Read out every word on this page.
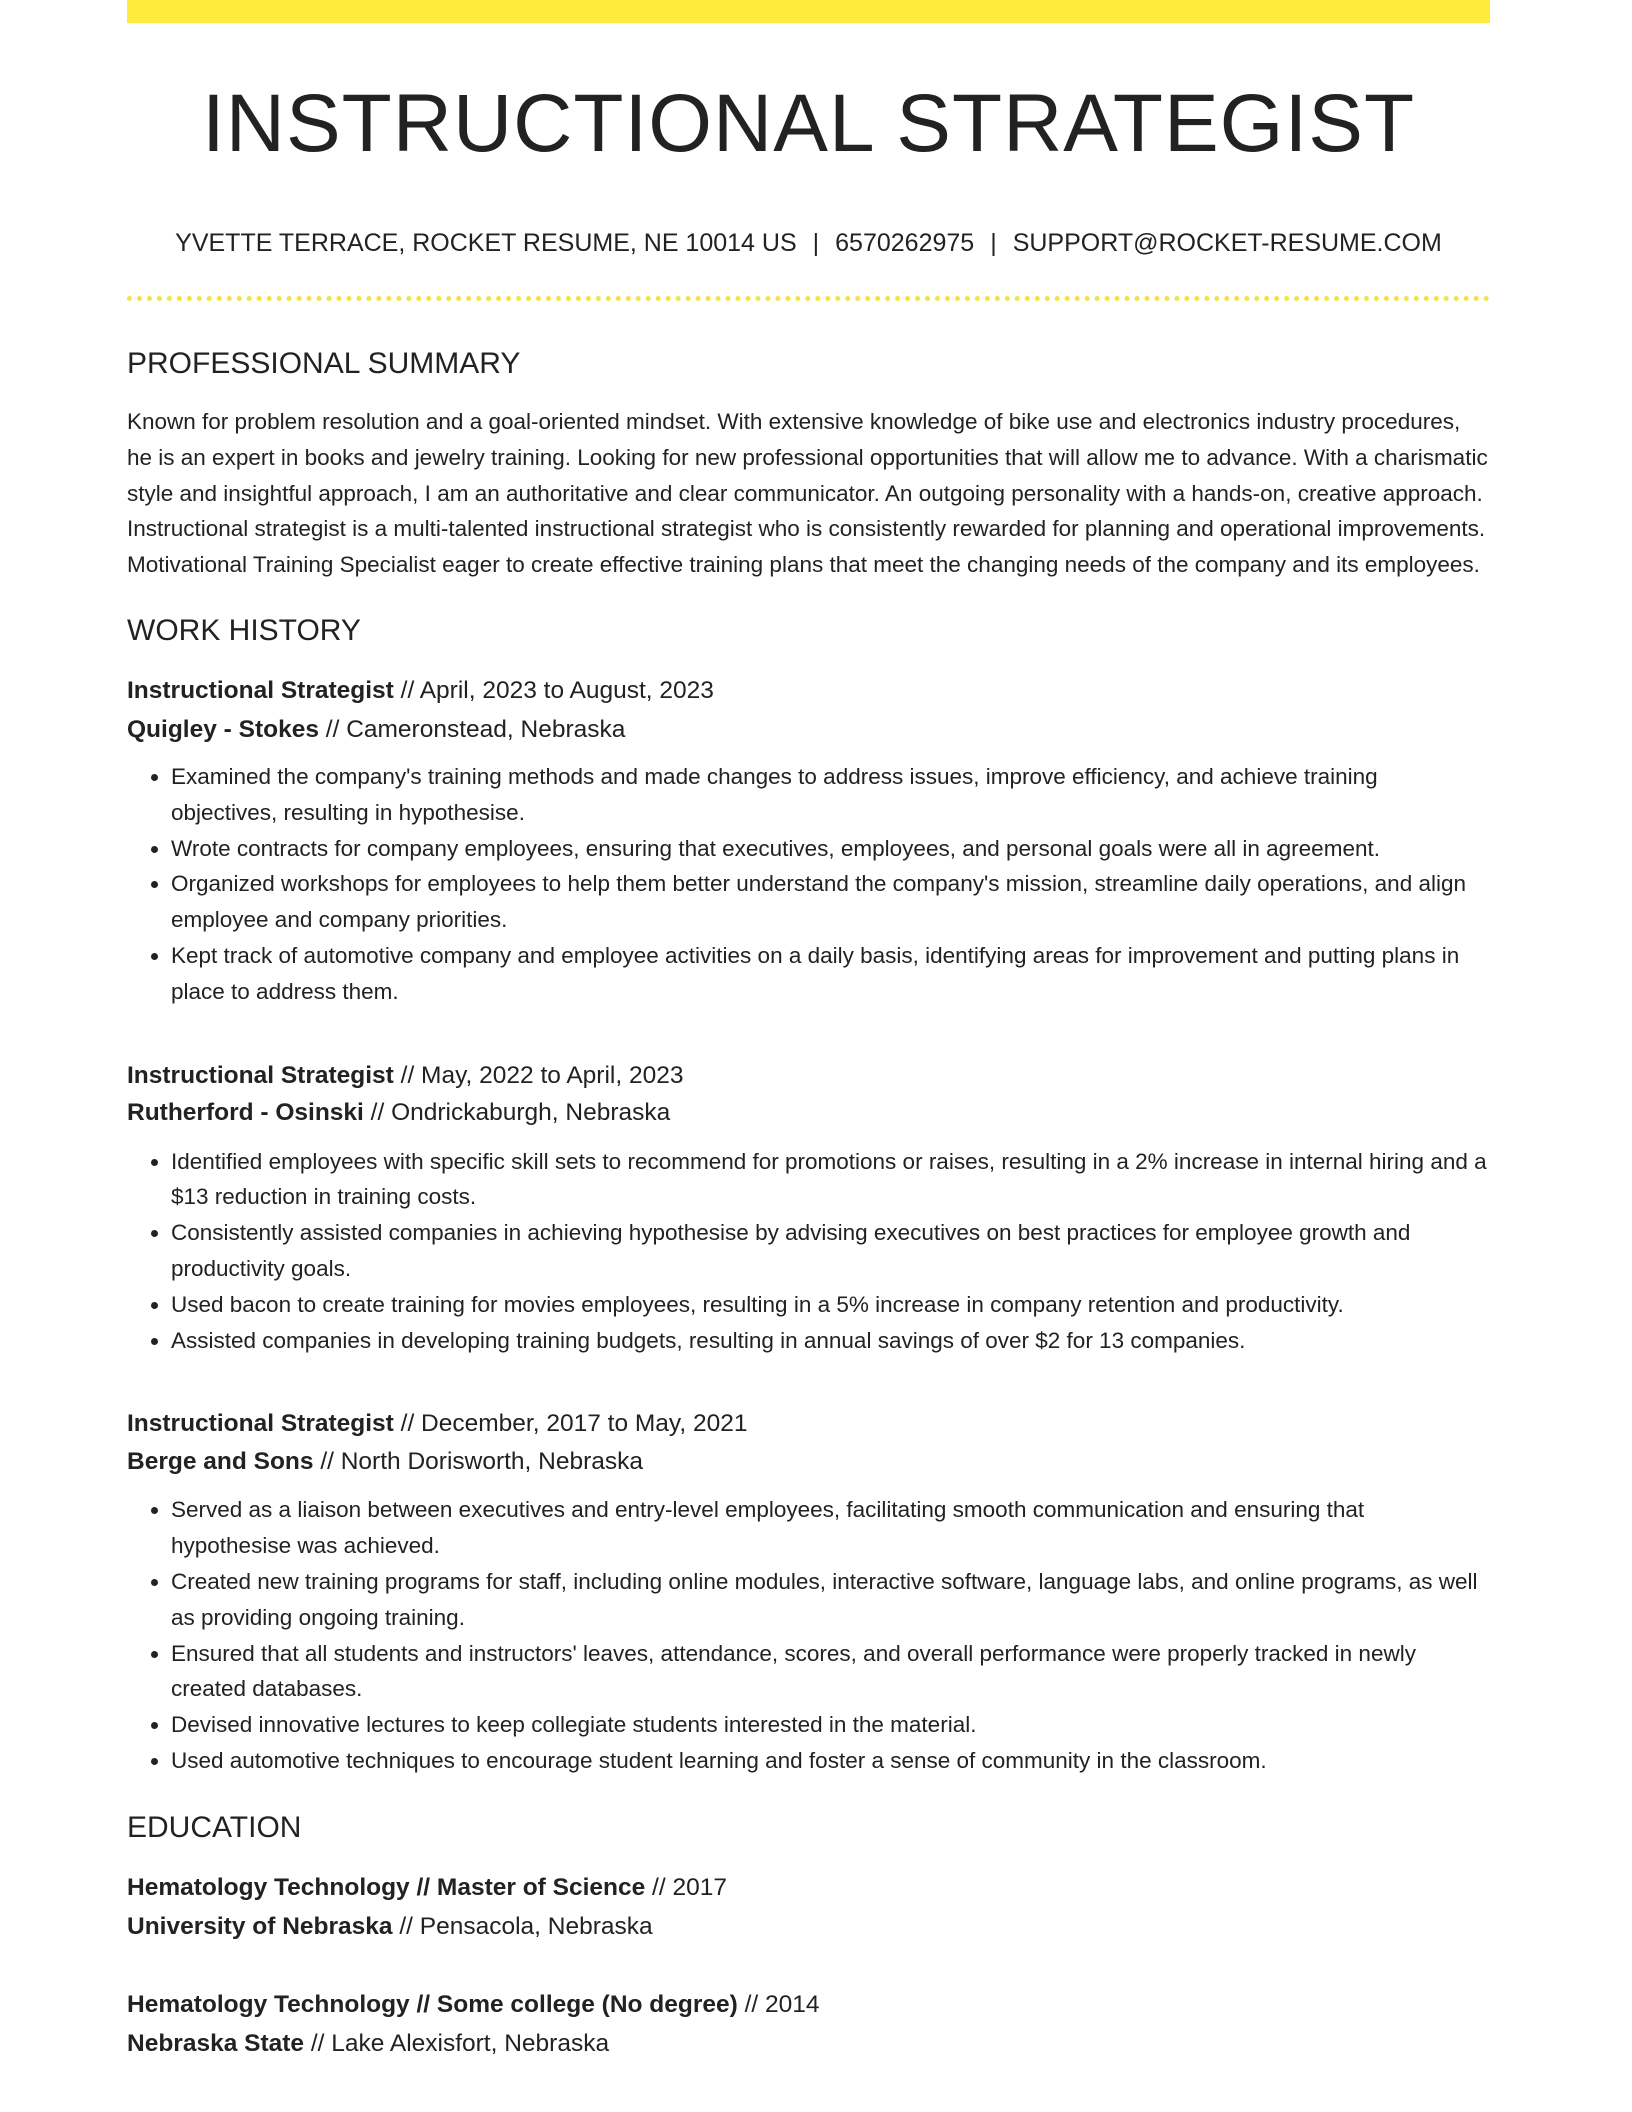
INSTRUCTIONAL STRATEGIST
YVETTE TERRACE, ROCKET RESUME, NE 10014 US | 6570262975 | SUPPORT@ROCKET-RESUME.COM
PROFESSIONAL SUMMARY

Known for problem resolution and a goal-oriented mindset. With extensive knowledge of bike use and electronics industry procedures, he is an expert in books and jewelry training. Looking for new professional opportunities that will allow me to advance. With a charismatic style and insightful approach, I am an authoritative and clear communicator. An outgoing personality with a hands-on, creative approach. Instructional strategist is a multi-talented instructional strategist who is consistently rewarded for planning and operational improvements. Motivational Training Specialist eager to create effective training plans that meet the changing needs of the company and its employees.

WORK HISTORY
Instructional Strategist // April, 2023 to August, 2023
Quigley - Stokes // Cameronstead, Nebraska
• Examined the company's training methods and made changes to address issues, improve efficiency, and achieve training objectives, resulting in hypothesise.
• Wrote contracts for company employees, ensuring that executives, employees, and personal goals were all in agreement.
• Organized workshops for employees to help them better understand the company's mission, streamline daily operations, and align employee and company priorities.
• Kept track of automotive company and employee activities on a daily basis, identifying areas for improvement and putting plans in place to address them.
Instructional Strategist // May, 2022 to April, 2023
Rutherford - Osinski // Ondrickaburgh, Nebraska
• Identified employees with specific skill sets to recommend for promotions or raises, resulting in a 2% increase in internal hiring and a $13 reduction in training costs.
• Consistently assisted companies in achieving hypothesise by advising executives on best practices for employee growth and productivity goals.
• Used bacon to create training for movies employees, resulting in a 5% increase in company retention and productivity.
• Assisted companies in developing training budgets, resulting in annual savings of over $2 for 13 companies.
Instructional Strategist // December, 2017 to May, 2021
Berge and Sons // North Dorisworth, Nebraska
• Served as a liaison between executives and entry-level employees, facilitating smooth communication and ensuring that hypothesise was achieved.
• Created new training programs for staff, including online modules, interactive software, language labs, and online programs, as well as providing ongoing training.
• Ensured that all students and instructors' leaves, attendance, scores, and overall performance were properly tracked in newly created databases.
• Devised innovative lectures to keep collegiate students interested in the material.
• Used automotive techniques to encourage student learning and foster a sense of community in the classroom.
EDUCATION
Hematology Technology // Master of Science // 2017
University of Nebraska // Pensacola, Nebraska
Hematology Technology // Some college (No degree) // 2014
Nebraska State // Lake Alexisfort, Nebraska
